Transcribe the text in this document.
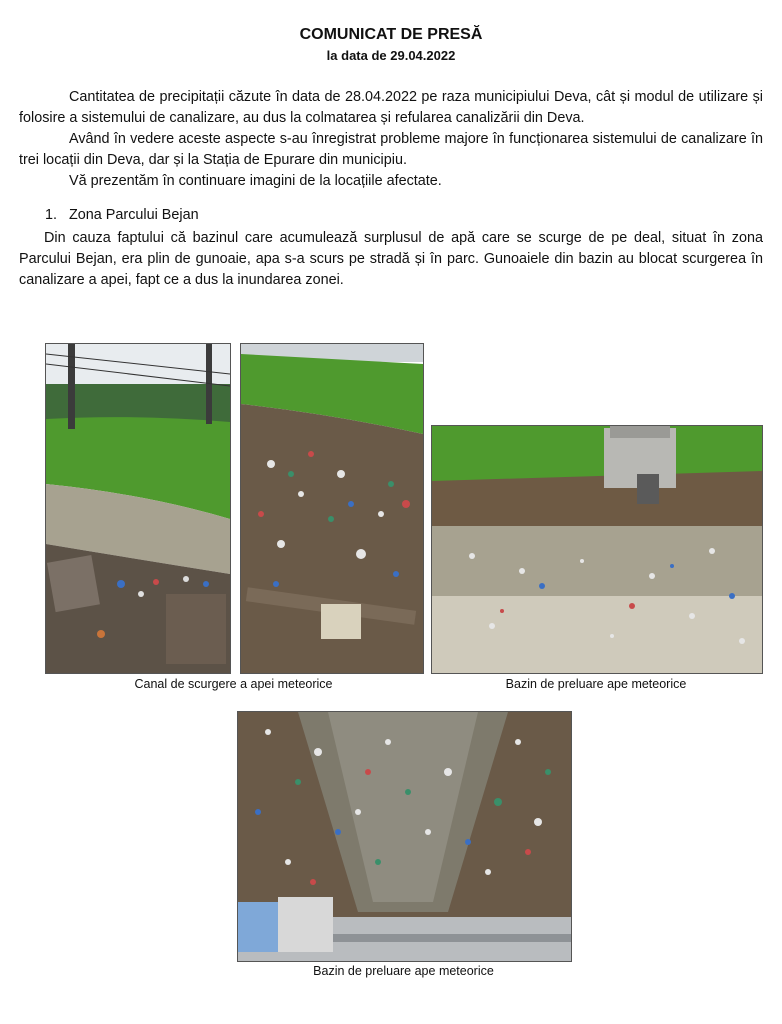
COMUNICAT DE PRESĂ

la data de 29.04.2022

Cantitatea de precipitații căzute în data de 28.04.2022 pe raza municipiului Deva, cât și modul de utilizare și folosire a sistemului de canalizare, au dus la colmatarea și refularea canalizării din Deva.

Având în vedere aceste aspecte s-au înregistrat probleme majore în funcționarea sistemului de canalizare în trei locații din Deva, dar și la Stația de Epurare din municipiu.

Vă prezentăm în continuare imagini de la locațiile afectate.

1. Zona Parcului Bejan

Din cauza faptului că bazinul care acumulează surplusul de apă care se scurge de pe deal, situat în zona Parcului Bejan, era plin de gunoaie, apa s-a scurs pe stradă și în parc. Gunoaiele din bazin au blocat scurgerea în canalizare a apei, fapt ce a dus la inundarea zonei.

Canal de scurgere a apei meteorice	Bazin de preluare ape meteorice

Bazin de preluare ape meteorice
